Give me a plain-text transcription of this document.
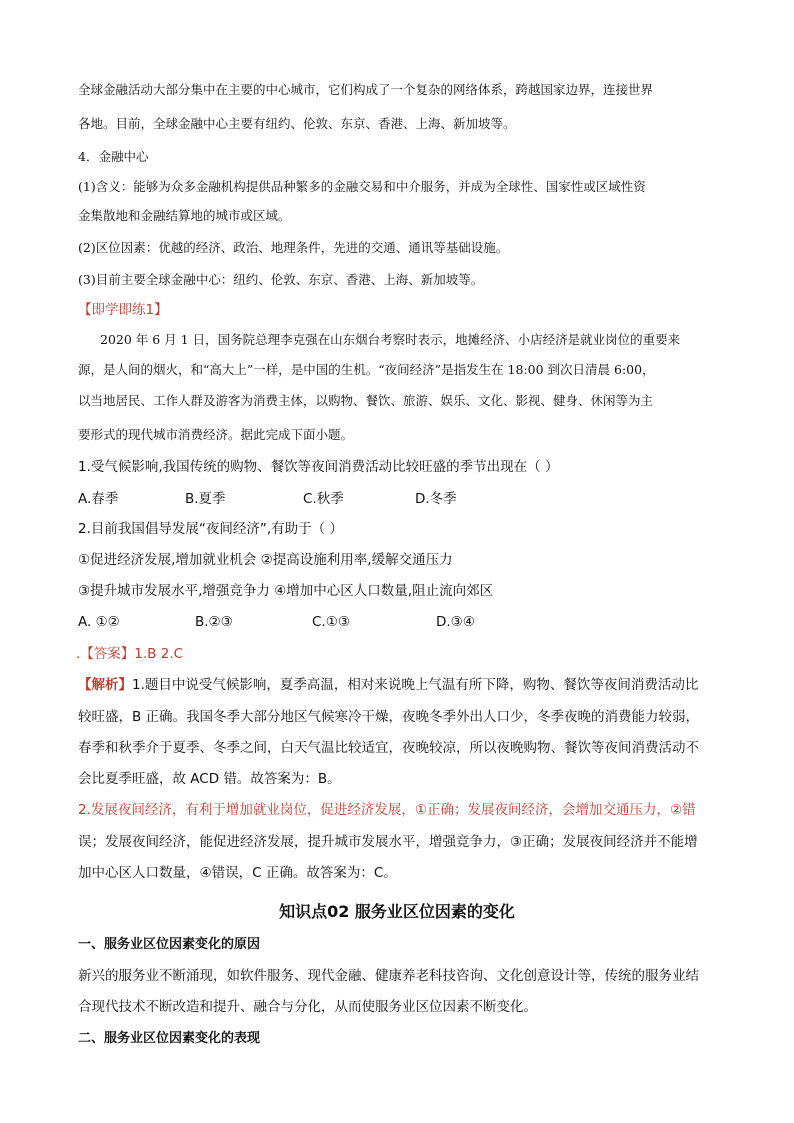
全球金融活动大部分集中在主要的中心城市，它们构成了一个复杂的网络体系，跨越国家边界，连接世界

各地。目前，全球金融中心主要有纽约、伦敦、东京、香港、上海、新加坡等。

4．金融中心

(1)含义：能够为众多金融机构提供品种繁多的金融交易和中介服务，并成为全球性、国家性或区域性资

金集散地和金融结算地的城市或区域。

(2)区位因素：优越的经济、政治、地理条件，先进的交通、通讯等基础设施。

(3)目前主要全球金融中心：纽约、伦敦、东京、香港、上海、新加坡等。

【即学即练1】

2020 年 6 月 1 日，国务院总理李克强在山东烟台考察时表示，地摊经济、小店经济是就业岗位的重要来

源，是人间的烟火，和“高大上”一样，是中国的生机。“夜间经济”是指发生在 18:00 到次日清晨 6:00，

以当地居民、工作人群及游客为消费主体，以购物、餐饮、旅游、娱乐、文化、影视、健身、休闲等为主

要形式的现代城市消费经济。据此完成下面小题。

1.受气候影响,我国传统的购物、餐饮等夜间消费活动比较旺盛的季节出现在（ ）

A.春季	B.夏季	C.秋季	D.冬季

2.目前我国倡导发展“夜间经济”,有助于（ ）

①促进经济发展,增加就业机会 ②提高设施利用率,缓解交通压力

③提升城市发展水平,增强竞争力 ④增加中心区人口数量,阻止流向郊区

A. ①②	B.②③	C.①③	D.③④

.【答案】1.B 2.C

【解析】1.题目中说受气候影响，夏季高温，相对来说晚上气温有所下降，购物、餐饮等夜间消费活动比

较旺盛，B 正确。我国冬季大部分地区气候寒冷干燥，夜晚冬季外出人口少，冬季夜晚的消费能力较弱，

春季和秋季介于夏季、冬季之间，白天气温比较适宜，夜晚较凉，所以夜晚购物、餐饮等夜间消费活动不

会比夏季旺盛，故 ACD 错。故答案为：B。

2.发展夜间经济，有利于增加就业岗位，促进经济发展，①正确；发展夜间经济，会增加交通压力，②错

误；发展夜间经济，能促进经济发展，提升城市发展水平，增强竞争力，③正确；发展夜间经济并不能增

加中心区人口数量，④错误，C 正确。故答案为：C。

知识点02 服务业区位因素的变化

一、服务业区位因素变化的原因

新兴的服务业不断涌现，如软件服务、现代金融、健康养老科技咨询、文化创意设计等，传统的服务业结

合现代技术不断改造和提升、融合与分化，从而使服务业区位因素不断变化。

二、服务业区位因素变化的表现
